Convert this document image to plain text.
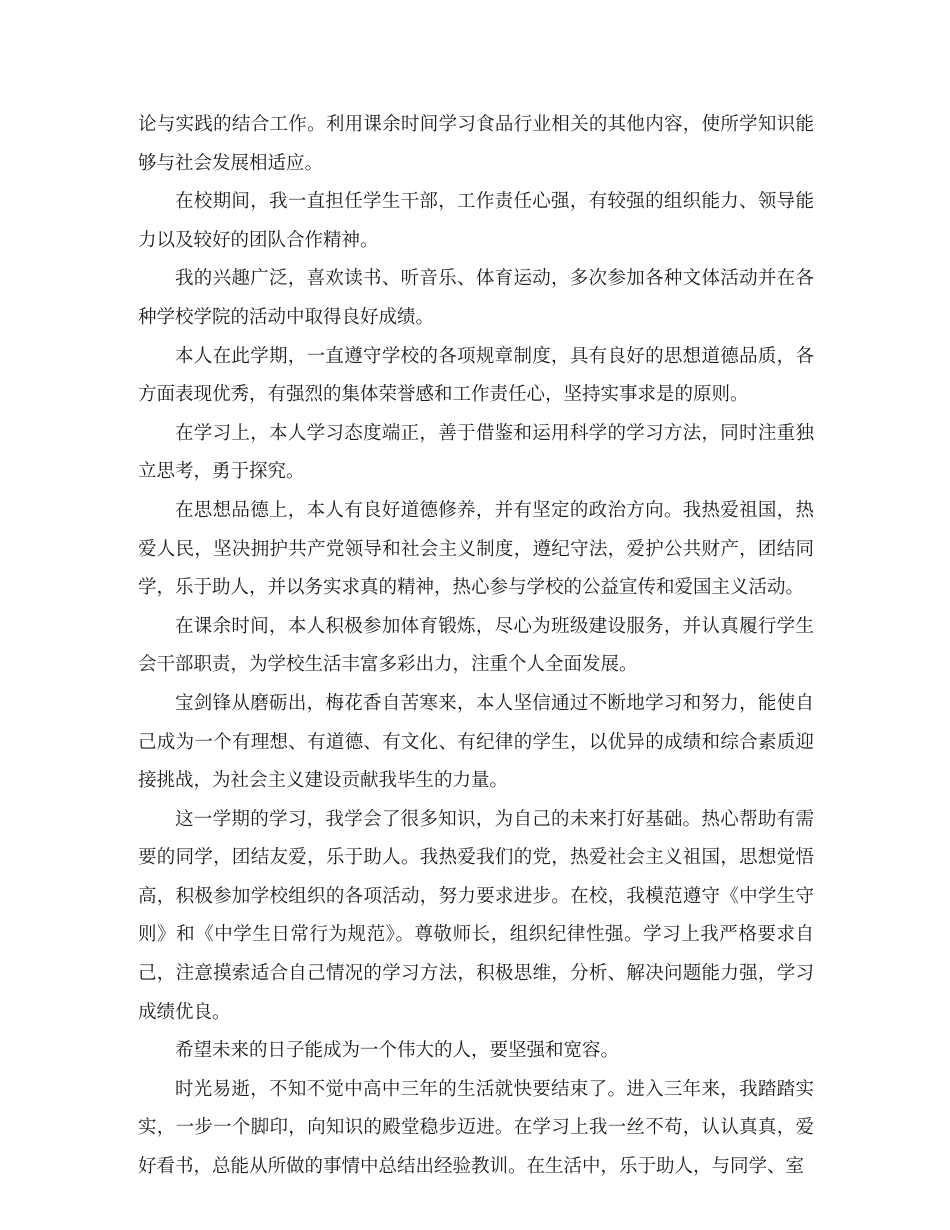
论与实践的结合工作。利用课余时间学习食品行业相关的其他内容，使所学知识能够与社会发展相适应。

在校期间，我一直担任学生干部，工作责任心强，有较强的组织能力、领导能力以及较好的团队合作精神。

我的兴趣广泛，喜欢读书、听音乐、体育运动，多次参加各种文体活动并在各种学校学院的活动中取得良好成绩。

本人在此学期，一直遵守学校的各项规章制度，具有良好的思想道德品质，各方面表现优秀，有强烈的集体荣誉感和工作责任心，坚持实事求是的原则。

在学习上，本人学习态度端正，善于借鉴和运用科学的学习方法，同时注重独立思考，勇于探究。

在思想品德上，本人有良好道德修养，并有坚定的政治方向。我热爱祖国，热爱人民，坚决拥护共产党领导和社会主义制度，遵纪守法，爱护公共财产，团结同学，乐于助人，并以务实求真的精神，热心参与学校的公益宣传和爱国主义活动。

在课余时间，本人积极参加体育锻炼，尽心为班级建设服务，并认真履行学生会干部职责，为学校生活丰富多彩出力，注重个人全面发展。

宝剑锋从磨砺出，梅花香自苦寒来，本人坚信通过不断地学习和努力，能使自己成为一个有理想、有道德、有文化、有纪律的学生，以优异的成绩和综合素质迎接挑战，为社会主义建设贡献我毕生的力量。

这一学期的学习，我学会了很多知识，为自己的未来打好基础。热心帮助有需要的同学，团结友爱，乐于助人。我热爱我们的党，热爱社会主义祖国，思想觉悟高，积极参加学校组织的各项活动，努力要求进步。在校，我模范遵守《中学生守则》和《中学生日常行为规范》。尊敬师长，组织纪律性强。学习上我严格要求自己，注意摸索适合自己情况的学习方法，积极思维，分析、解决问题能力强，学习成绩优良。

希望未来的日子能成为一个伟大的人，要坚强和宽容。

时光易逝，不知不觉中高中三年的生活就快要结束了。进入三年来，我踏踏实实，一步一个脚印，向知识的殿堂稳步迈进。在学习上我一丝不苟，认认真真，爱好看书，总能从所做的事情中总结出经验教训。在生活中，乐于助人，与同学、室
